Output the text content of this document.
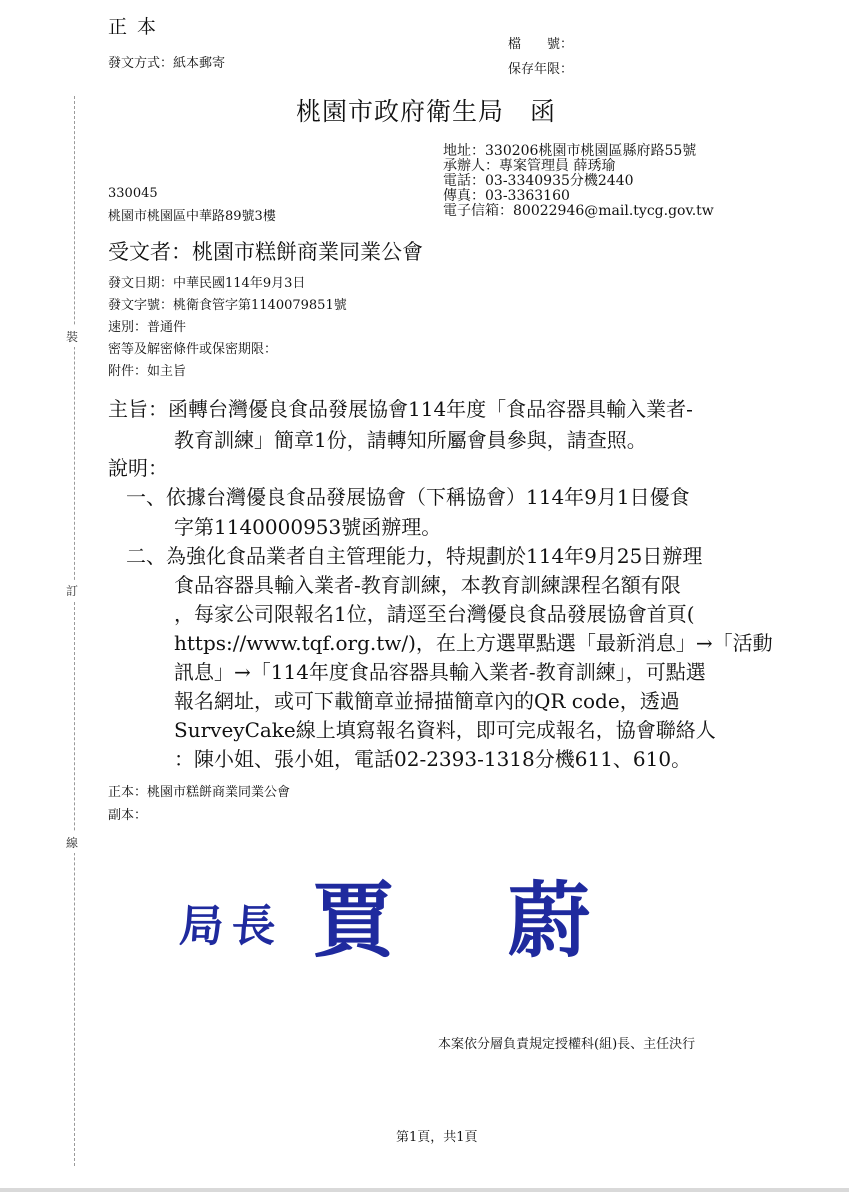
裝
訂
線
正 本
發文方式：紙本郵寄
檔　　號：
保存年限：
桃園市政府衛生局　函
地址：330206桃園市桃園區縣府路55號
承辦人：專案管理員 薛琇瑜
電話：03-3340935分機2440
傳真：03-3363160
電子信箱：80022946@mail.tycg.gov.tw
330045
桃園市桃園區中華路89號3樓
受文者：桃園市糕餅商業同業公會
發文日期：中華民國114年9月3日
發文字號：桃衛食管字第1140079851號
速別：普通件
密等及解密條件或保密期限：
附件：如主旨
主旨：函轉台灣優良食品發展協會114年度「食品容器具輸入業者-
教育訓練」簡章1份，請轉知所屬會員參與，請查照。
說明：
一、依據台灣優良食品發展協會（下稱協會）114年9月1日優食
字第1140000953號函辦理。
二、為強化食品業者自主管理能力，特規劃於114年9月25日辦理
食品容器具輸入業者-教育訓練，本教育訓練課程名額有限
，每家公司限報名1位，請逕至台灣優良食品發展協會首頁(
https://www.tqf.org.tw/)，在上方選單點選「最新消息」→「活動
訊息」→「114年度食品容器具輸入業者-教育訓練」，可點選
報名網址，或可下載簡章並掃描簡章內的QR code，透過
SurveyCake線上填寫報名資料，即可完成報名，協會聯絡人
：陳小姐、張小姐，電話02-2393-1318分機611、610。
正本：桃園市糕餅商業同業公會
副本：
局長 賈 蔚
本案依分層負責規定授權科(組)長、主任決行
第1頁，共1頁
